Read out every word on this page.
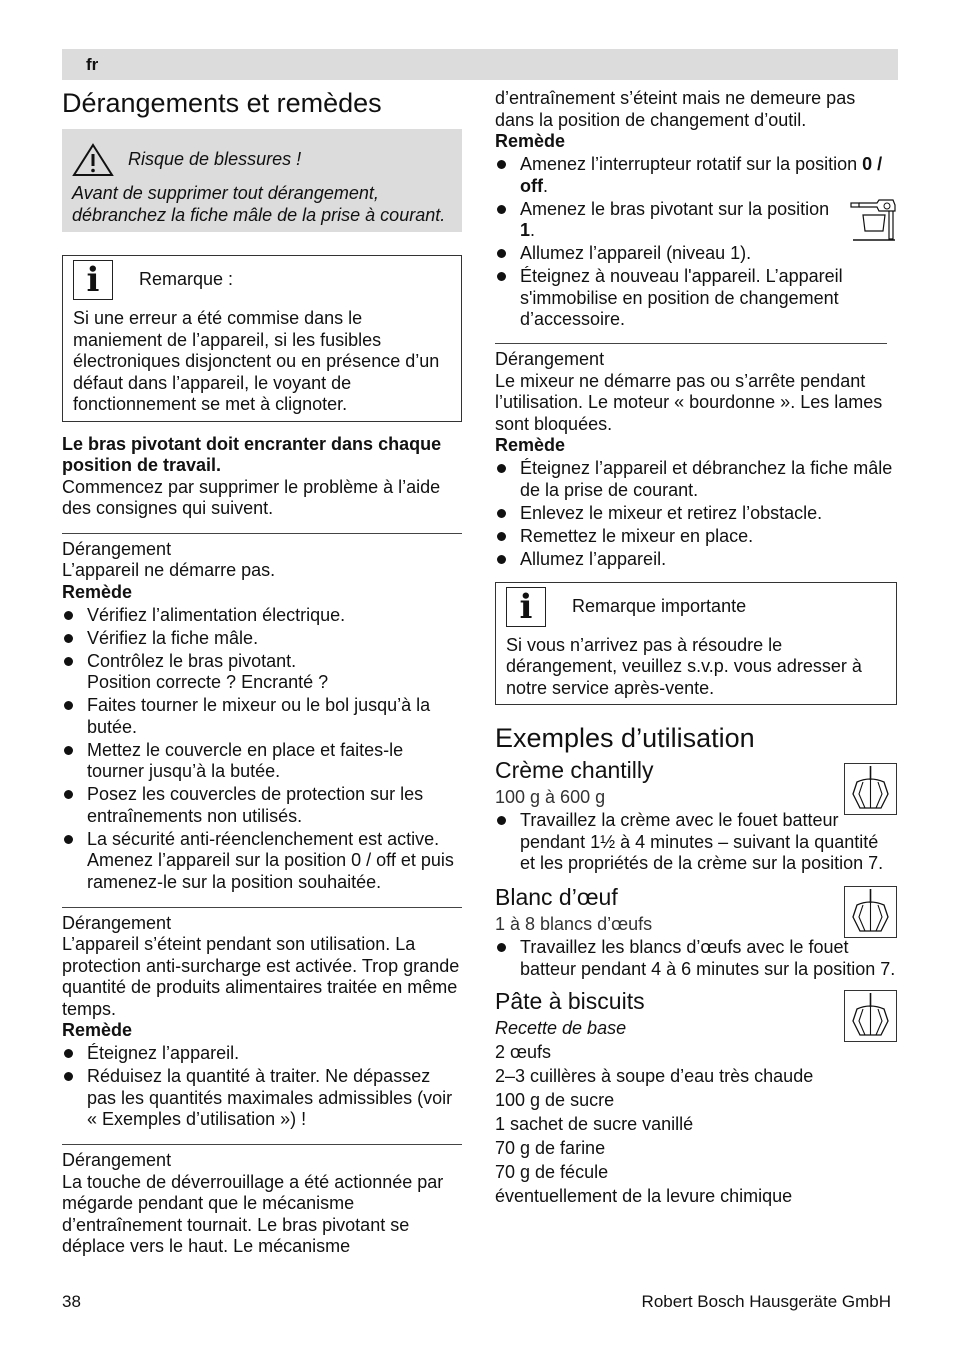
fr
Dérangements et remèdes
Risque de blessures !

Avant de supprimer tout dérangement, débranchez la fiche mâle de la prise à courant.

i Remarque :

Si une erreur a été commise dans le maniement de l’appareil, si les fusibles électroniques disjonctent ou en présence d’un défaut dans l’appareil, le voyant de fonctionnement se met à clignoter.

Le bras pivotant doit encranter dans chaque position de travail.

Commencez par supprimer le problème à l’aide des consignes qui suivent.

Dérangement

L’appareil ne démarre pas.

Remède

Vérifiez l’alimentation électrique.
Vérifiez la fiche mâle.
Contrôlez le bras pivotant.
Position correcte ? Encranté ?
Faites tourner le mixeur ou le bol jusqu’à la butée.
Mettez le couvercle en place et faites-le tourner jusqu’à la butée.
Posez les couvercles de protection sur les entraînements non utilisés.
La sécurité anti-réenclenchement est active. Amenez l’appareil sur la position 0 / off et puis ramenez-le sur la position souhaitée.

Dérangement

L’appareil s’éteint pendant son utilisation. La protection anti-surcharge est activée. Trop grande quantité de produits alimentaires traitée en même temps.

Remède

Éteignez l’appareil.
Réduisez la quantité à traiter. Ne dépassez pas les quantités maximales admissibles (voir « Exemples d’utilisation ») !

Dérangement

La touche de déverrouillage a été actionnée par mégarde pendant que le mécanisme d’entraînement tournait. Le bras pivotant se déplace vers le haut. Le mécanisme

d’entraînement s’éteint mais ne demeure pas dans la position de changement d’outil.

Remède

Amenez l’interrupteur rotatif sur la position 0 / off.
Amenez le bras pivotant sur la position 1.
Allumez l’appareil (niveau 1).
Éteignez à nouveau l'appareil. L’appareil s'immobilise en position de changement d’accessoire.

Dérangement

Le mixeur ne démarre pas ou s’arrête pendant l’utilisation. Le moteur « bourdonne ». Les lames sont bloquées.

Remède

Éteignez l’appareil et débranchez la fiche mâle de la prise de courant.
Enlevez le mixeur et retirez l’obstacle.
Remettez le mixeur en place.
Allumez l’appareil.
i Remarque importante

Si vous n’arrivez pas à résoudre le dérangement, veuillez s.v.p. vous adresser à notre service après-vente.

Exemples d’utilisation
Crème chantilly

100 g à 600 g

Travaillez la crème avec le fouet batteur pendant 1½ à 4 minutes – suivant la quantité et les propriétés de la crème sur la position 7.
Blanc d’œuf

1 à 8 blancs d’œufs

Travaillez les blancs d’œufs avec le fouet batteur pendant 4 à 6 minutes sur la position 7.
Pâte à biscuits

Recette de base

2 œufs

2–3 cuillères à soupe d’eau très chaude

100 g de sucre

1 sachet de sucre vanillé

70 g de farine

70 g de fécule

éventuellement de la levure chimique

38	Robert Bosch Hausgeräte GmbH
